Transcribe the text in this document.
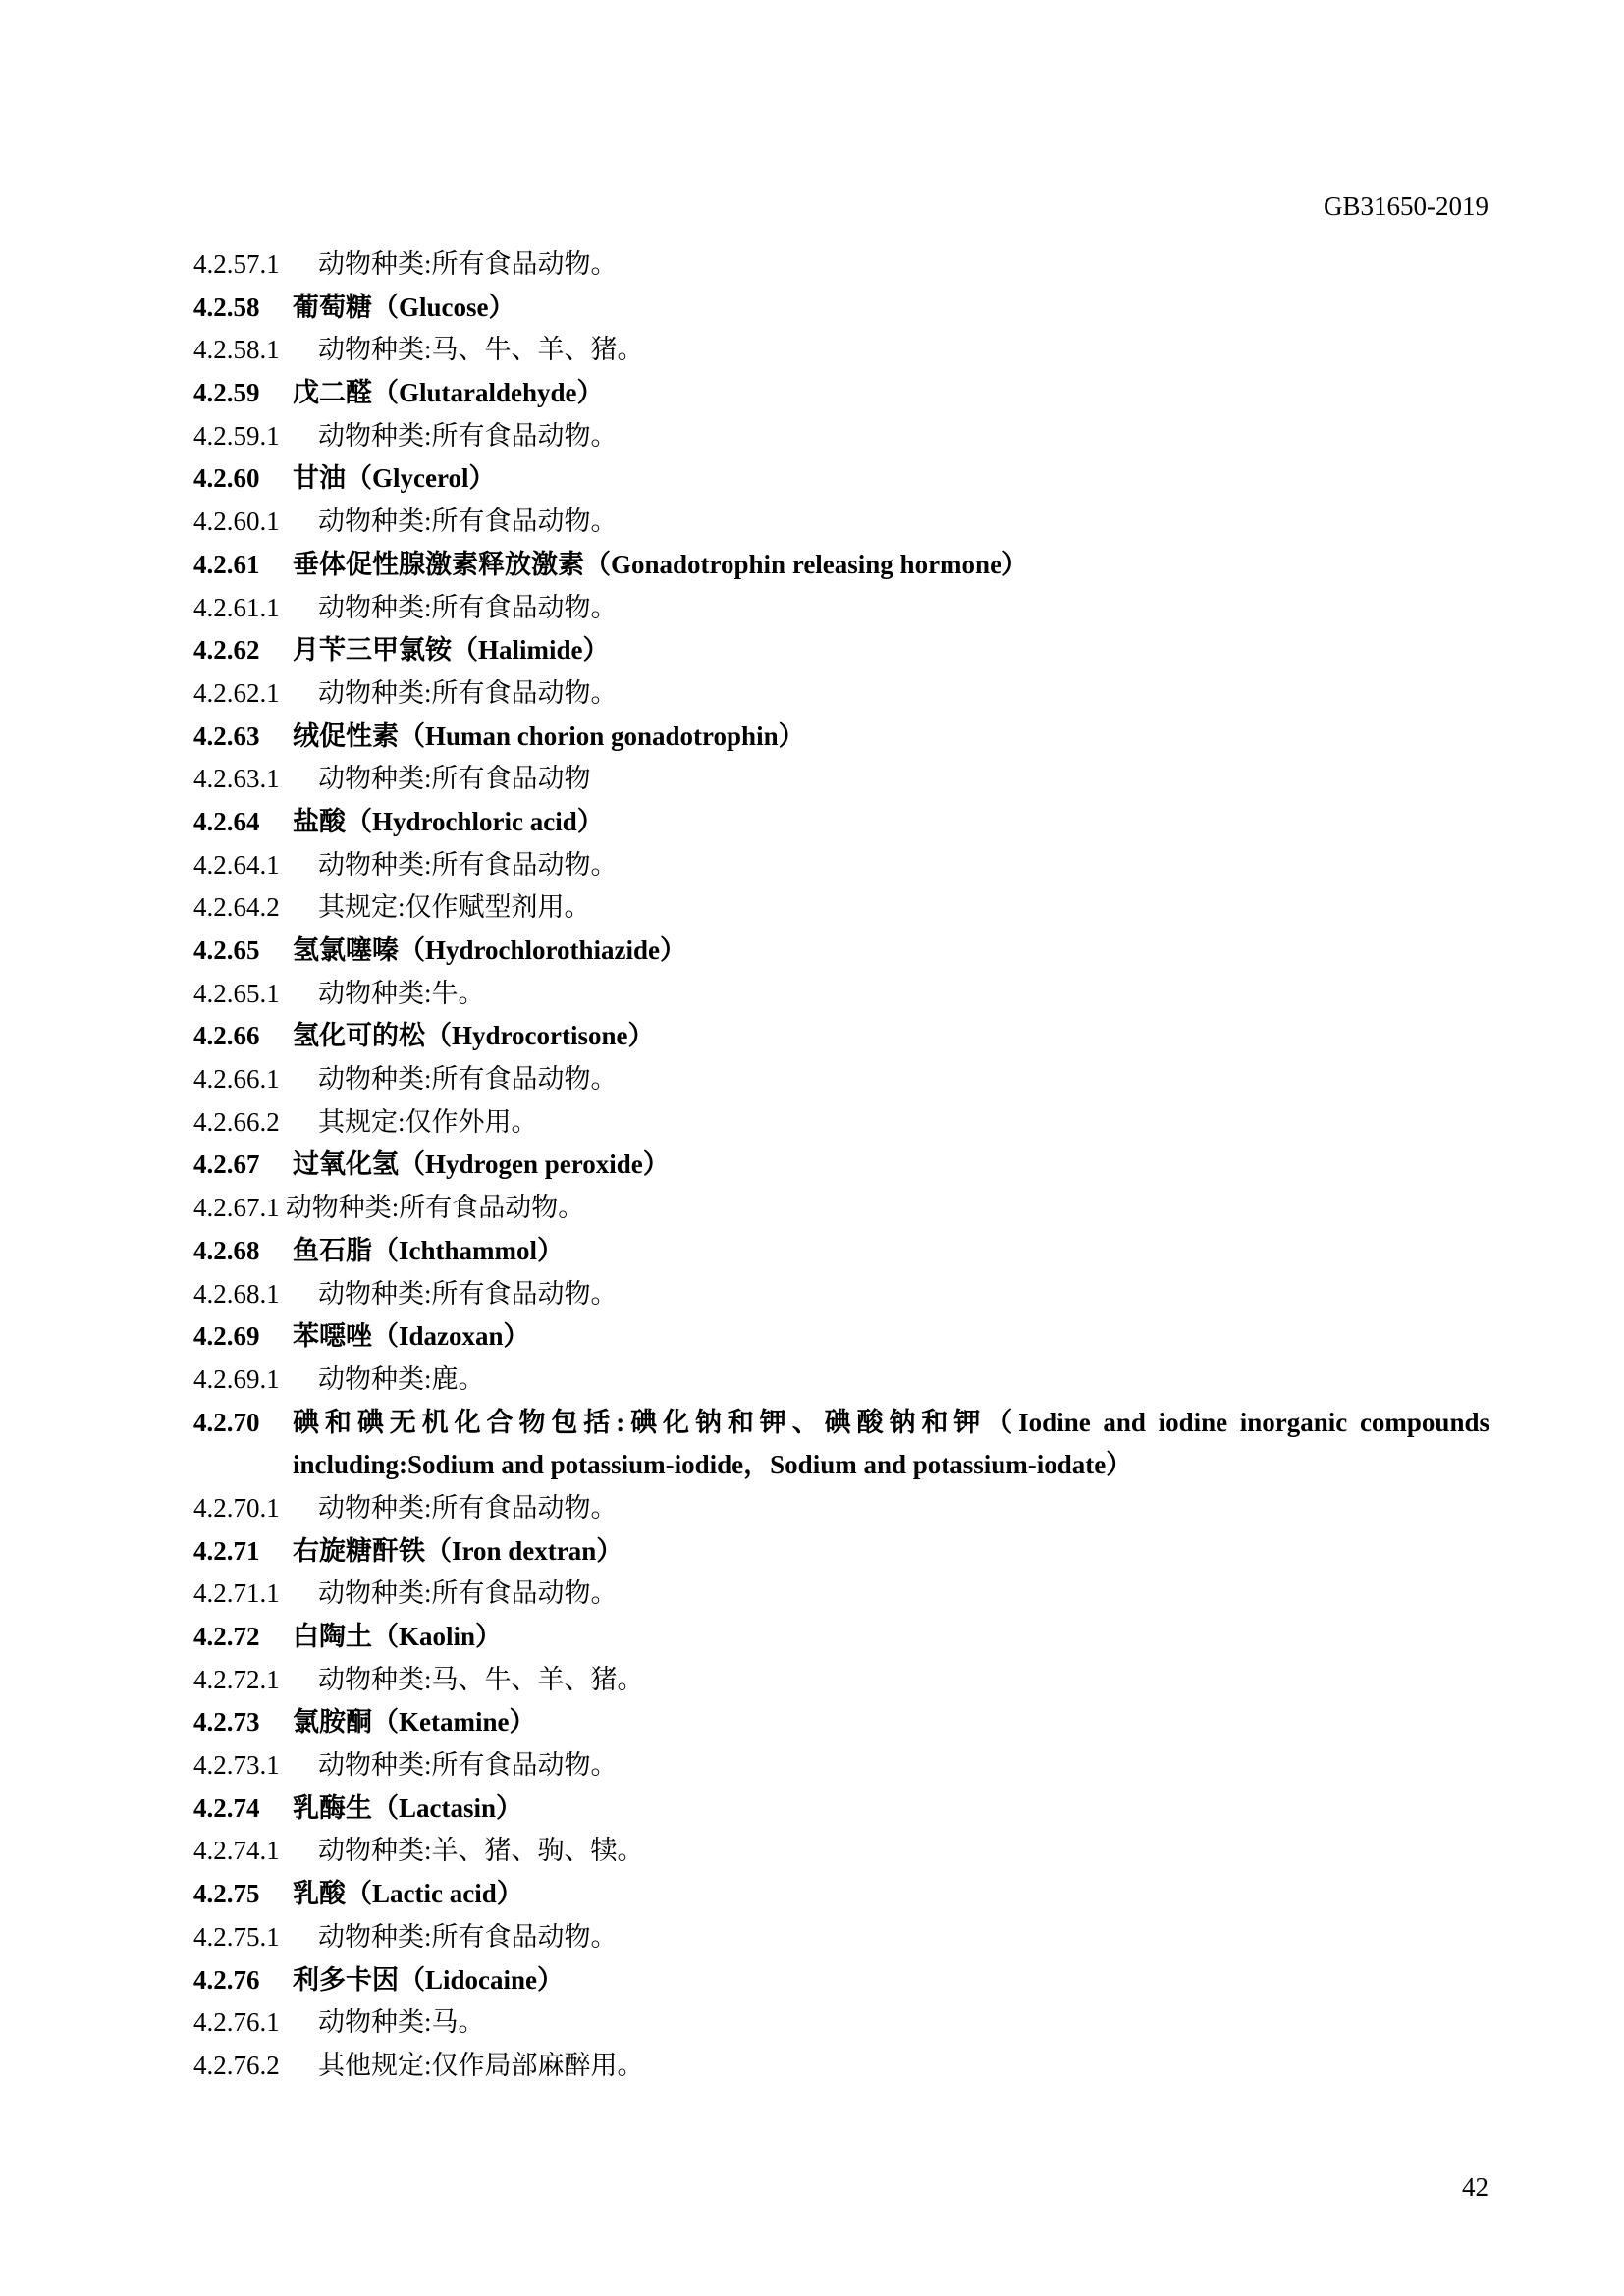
GB31650-2019
4.2.57.1 动物种类:所有食品动物。
4.2.58 葡萄糖（Glucose）
4.2.58.1 动物种类:马、牛、羊、猪。
4.2.59 戊二醛（Glutaraldehyde）
4.2.59.1 动物种类:所有食品动物。
4.2.60 甘油（Glycerol）
4.2.60.1 动物种类:所有食品动物。
4.2.61 垂体促性腺激素释放激素（Gonadotrophin releasing hormone）
4.2.61.1 动物种类:所有食品动物。
4.2.62 月苄三甲氯铵（Halimide）
4.2.62.1 动物种类:所有食品动物。
4.2.63 绒促性素（Human chorion gonadotrophin）
4.2.63.1 动物种类:所有食品动物
4.2.64 盐酸（Hydrochloric acid）
4.2.64.1 动物种类:所有食品动物。
4.2.64.2 其规定:仅作赋型剂用。
4.2.65 氢氯噻嗪（Hydrochlorothiazide）
4.2.65.1 动物种类:牛。
4.2.66 氢化可的松（Hydrocortisone）
4.2.66.1 动物种类:所有食品动物。
4.2.66.2 其规定:仅作外用。
4.2.67 过氧化氢（Hydrogen peroxide）
4.2.67.1 动物种类:所有食品动物。
4.2.68 鱼石脂（Ichthammol）
4.2.68.1 动物种类:所有食品动物。
4.2.69 苯噁唑（Idazoxan）
4.2.69.1 动物种类:鹿。
4.2.70	碘和碘无机化合物包括:碘化钠和钾、碘酸钠和钾（Iodine and iodine inorganic compounds including:Sodium and potassium-iodide，Sodium and potassium-iodate）
4.2.70.1 动物种类:所有食品动物。
4.2.71 右旋糖酐铁（Iron dextran）
4.2.71.1 动物种类:所有食品动物。
4.2.72 白陶土（Kaolin）
4.2.72.1 动物种类:马、牛、羊、猪。
4.2.73 氯胺酮（Ketamine）
4.2.73.1 动物种类:所有食品动物。
4.2.74 乳酶生（Lactasin）
4.2.74.1 动物种类:羊、猪、驹、犊。
4.2.75 乳酸（Lactic acid）
4.2.75.1 动物种类:所有食品动物。
4.2.76 利多卡因（Lidocaine）
4.2.76.1 动物种类:马。
4.2.76.2 其他规定:仅作局部麻醉用。
42
